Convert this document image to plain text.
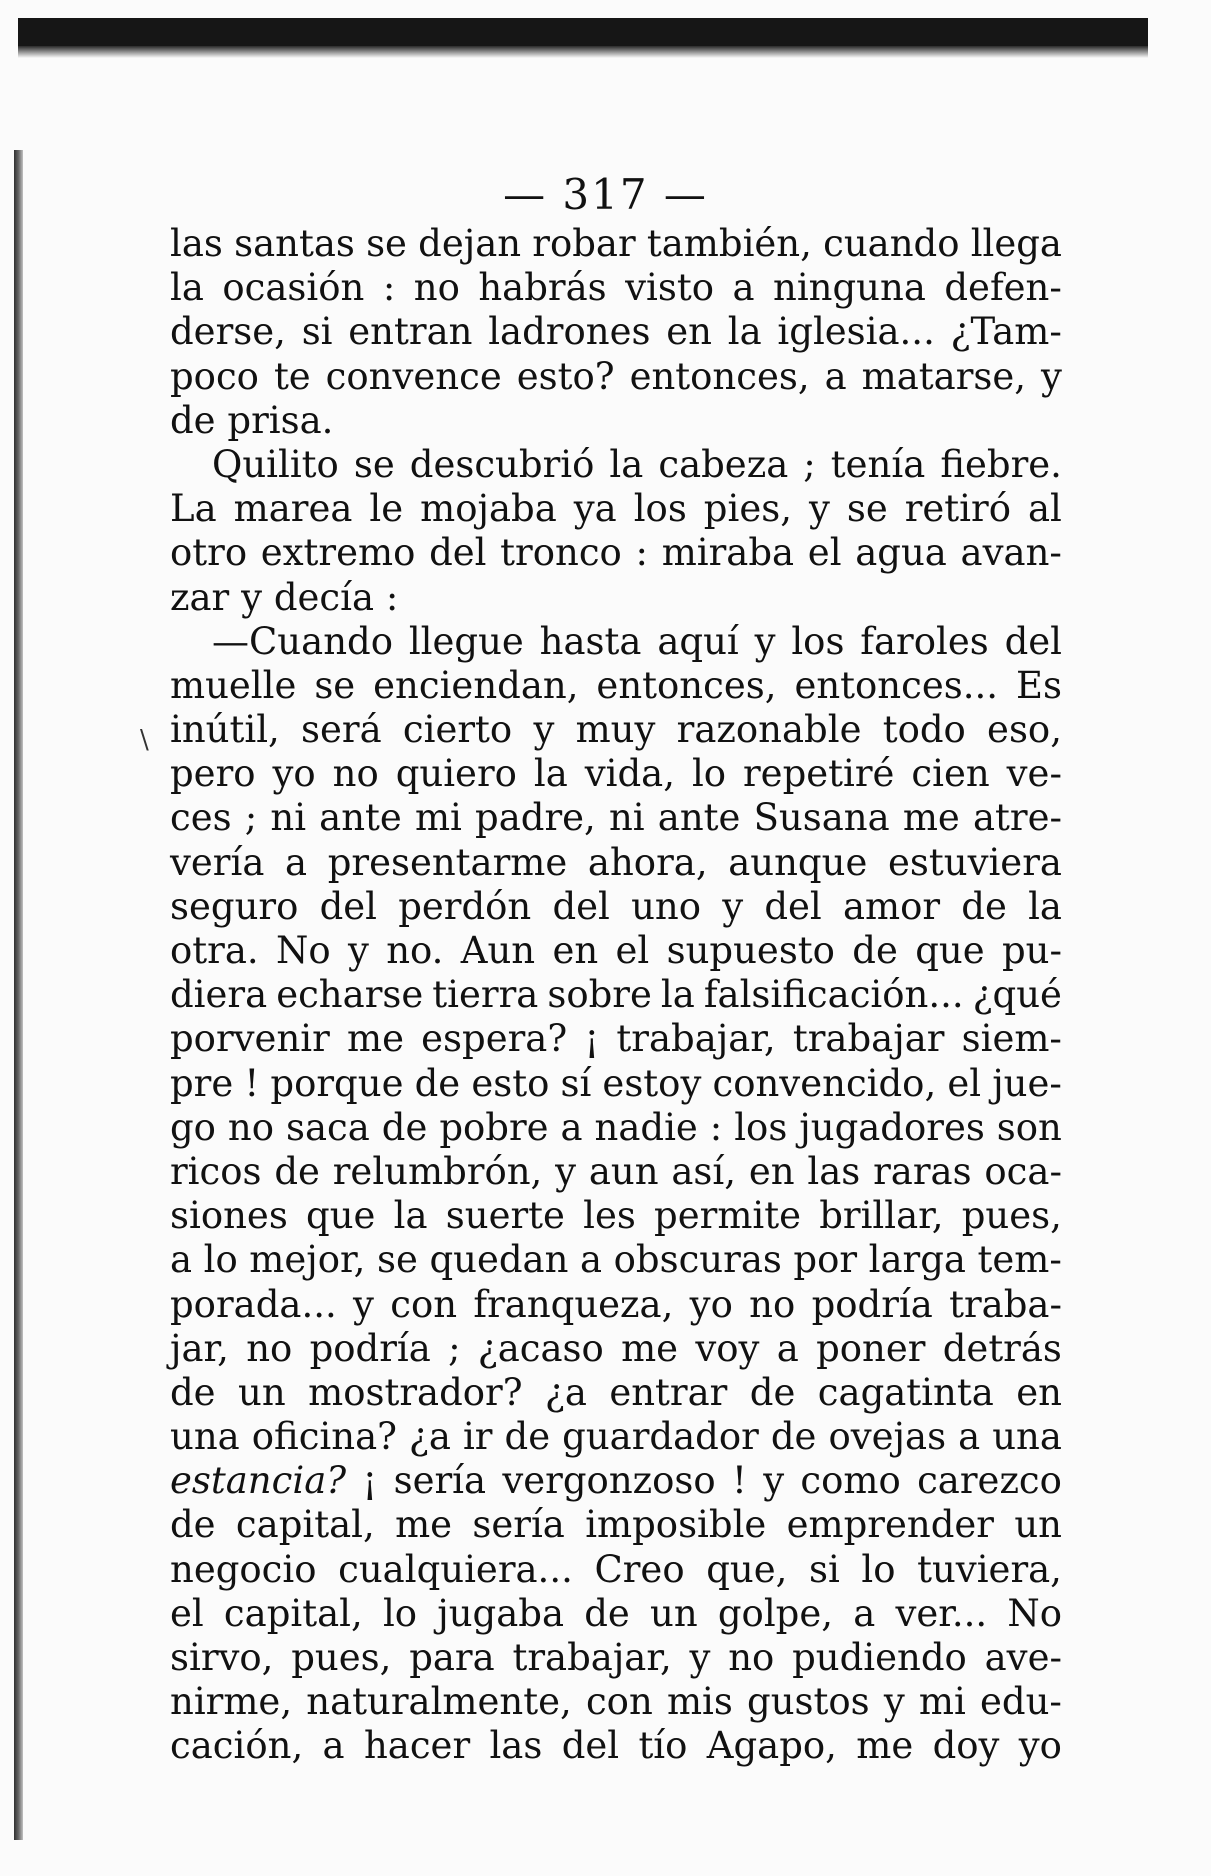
\
— 317 —
las santas se dejan robar también, cuando llega
la ocasión : no habrás visto a ninguna defen-
derse, si entran ladrones en la iglesia... ¿Tam-
poco te convence esto? entonces, a matarse, y
de prisa.
Quilito se descubrió la cabeza ; tenía fiebre.
La marea le mojaba ya los pies, y se retiró al
otro extremo del tronco : miraba el agua avan-
zar y decía :
—Cuando llegue hasta aquí y los faroles del
muelle se enciendan, entonces, entonces... Es
inútil, será cierto y muy razonable todo eso,
pero yo no quiero la vida, lo repetiré cien ve-
ces ; ni ante mi padre, ni ante Susana me atre-
vería a presentarme ahora, aunque estuviera
seguro del perdón del uno y del amor de la
otra. No y no. Aun en el supuesto de que pu-
diera echarse tierra sobre la falsificación... ¿qué
porvenir me espera? ¡ trabajar, trabajar siem-
pre ! porque de esto sí estoy convencido, el jue-
go no saca de pobre a nadie : los jugadores son
ricos de relumbrón, y aun así, en las raras oca-
siones que la suerte les permite brillar, pues,
a lo mejor, se quedan a obscuras por larga tem-
porada... y con franqueza, yo no podría traba-
jar, no podría ; ¿acaso me voy a poner detrás
de un mostrador? ¿a entrar de cagatinta en
una oficina? ¿a ir de guardador de ovejas a una
estancia? ¡ sería vergonzoso ! y como carezco
de capital, me sería imposible emprender un
negocio cualquiera... Creo que, si lo tuviera,
el capital, lo jugaba de un golpe, a ver... No
sirvo, pues, para trabajar, y no pudiendo ave-
nirme, naturalmente, con mis gustos y mi edu-
cación, a hacer las del tío Agapo, me doy yo
